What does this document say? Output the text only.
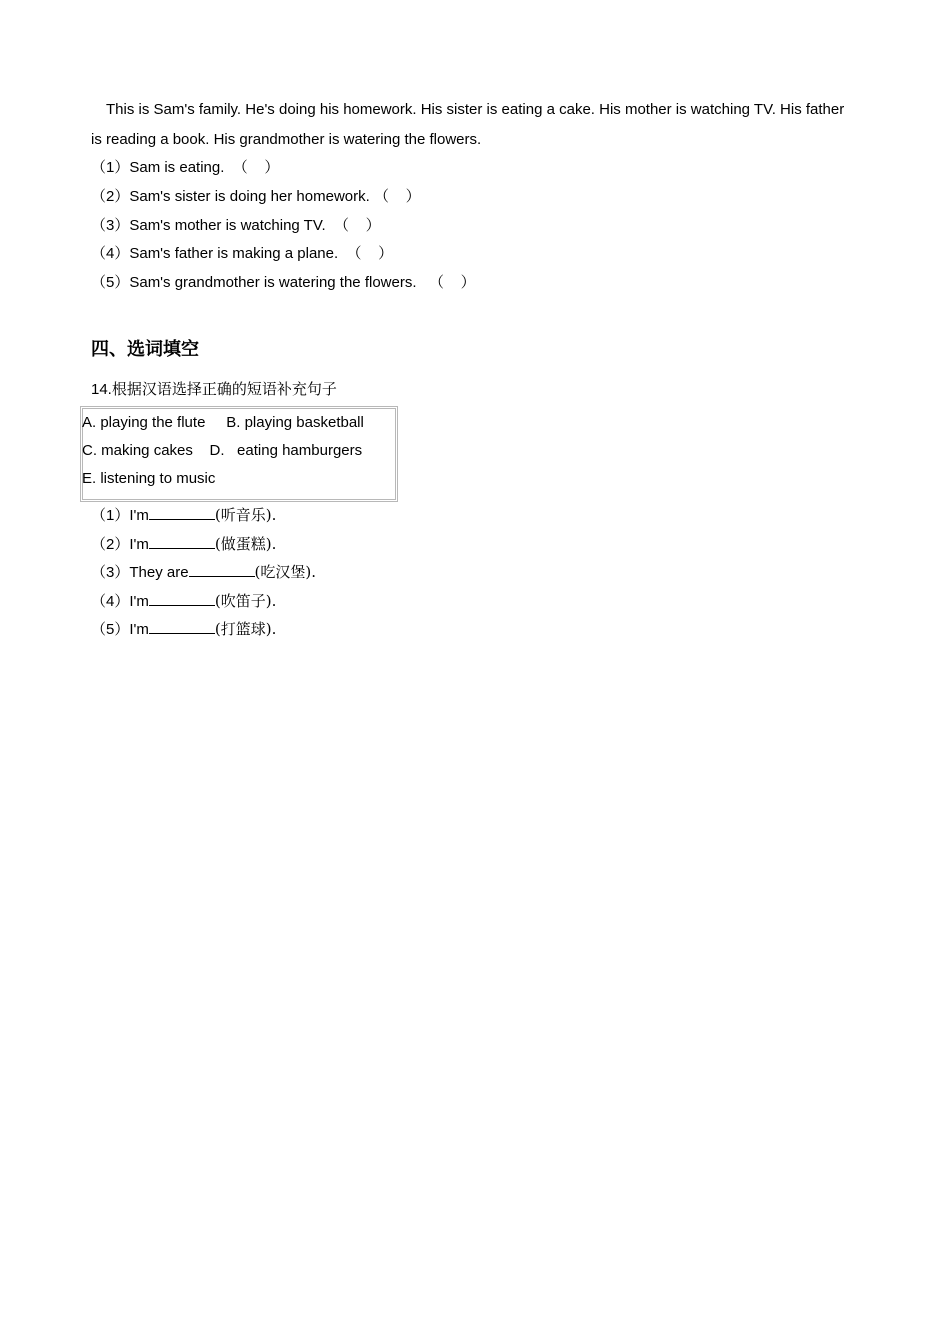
This is Sam's family. He's doing his homework. His sister is eating a cake. His mother is watching TV. His father
is reading a book. His grandmother is watering the flowers.
（1）Sam is eating.  （    ）
（2）Sam's sister is doing her homework. （    ）
（3）Sam's mother is watching TV.  （    ）
（4）Sam's father is making a plane.  （    ）
（5）Sam's grandmother is watering the flowers.   （    ）
四、选词填空
14.根据汉语选择正确的短语补充句子
A. playing the flute     B. playing basketball
C. making cakes    D.   eating hamburgers
E. listening to music
（1）I'm	(听音乐).
（2）I'm	(做蛋糕).
（3）They are	(吃汉堡).
（4）I'm	(吹笛子).
（5）I'm	(打篮球).
